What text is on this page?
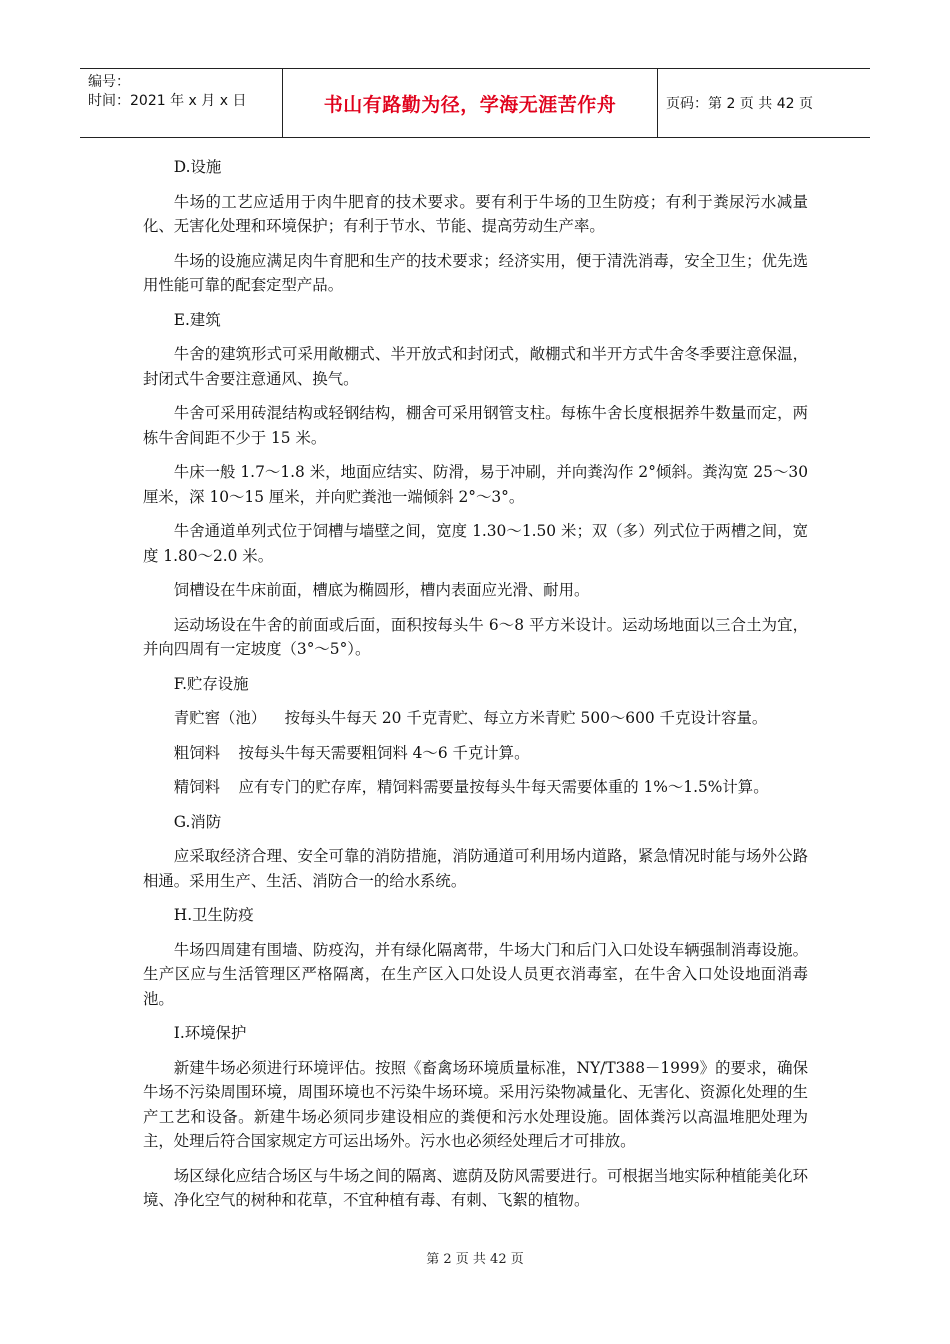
编号：
时间：2021 年 x 月 x 日	书山有路勤为径，学海无涯苦作舟	页码：第 2 页 共 42 页

D.设施

牛场的工艺应适用于肉牛肥育的技术要求。要有利于牛场的卫生防疫；有利于粪尿污水减量化、无害化处理和环境保护；有利于节水、节能、提高劳动生产率。

牛场的设施应满足肉牛育肥和生产的技术要求；经济实用，便于清洗消毒，安全卫生；优先选用性能可靠的配套定型产品。

E.建筑

牛舍的建筑形式可采用敞棚式、半开放式和封闭式，敞棚式和半开方式牛舍冬季要注意保温，封闭式牛舍要注意通风、换气。

牛舍可采用砖混结构或轻钢结构，棚舍可采用钢管支柱。每栋牛舍长度根据养牛数量而定，两栋牛舍间距不少于 15 米。

牛床一般 1.7～1.8 米，地面应结实、防滑，易于冲刷，并向粪沟作 2°倾斜。粪沟宽 25～30 厘米，深 10～15 厘米，并向贮粪池一端倾斜 2°～3°。

牛舍通道单列式位于饲槽与墙壁之间，宽度 1.30～1.50 米；双（多）列式位于两槽之间，宽度 1.80～2.0 米。

饲槽设在牛床前面，槽底为椭圆形，槽内表面应光滑、耐用。

运动场设在牛舍的前面或后面，面积按每头牛 6～8 平方米设计。运动场地面以三合土为宜，并向四周有一定坡度（3°～5°）。

F.贮存设施

青贮窖（池） 按每头牛每天 20 千克青贮、每立方米青贮 500～600 千克设计容量。

粗饲料 按每头牛每天需要粗饲料 4～6 千克计算。

精饲料 应有专门的贮存库，精饲料需要量按每头牛每天需要体重的 1%～1.5%计算。

G.消防

应采取经济合理、安全可靠的消防措施，消防通道可利用场内道路，紧急情况时能与场外公路相通。采用生产、生活、消防合一的给水系统。

H.卫生防疫

牛场四周建有围墙、防疫沟，并有绿化隔离带，牛场大门和后门入口处设车辆强制消毒设施。生产区应与生活管理区严格隔离，在生产区入口处设人员更衣消毒室，在牛舍入口处设地面消毒池。

I.环境保护

新建牛场必须进行环境评估。按照《畜禽场环境质量标准，NY/T388－1999》的要求，确保牛场不污染周围环境，周围环境也不污染牛场环境。采用污染物减量化、无害化、资源化处理的生产工艺和设备。新建牛场必须同步建设相应的粪便和污水处理设施。固体粪污以高温堆肥处理为主，处理后符合国家规定方可运出场外。污水也必须经处理后才可排放。

场区绿化应结合场区与牛场之间的隔离、遮荫及防风需要进行。可根据当地实际种植能美化环境、净化空气的树种和花草，不宜种植有毒、有刺、飞絮的植物。

第 2 页 共 42 页
